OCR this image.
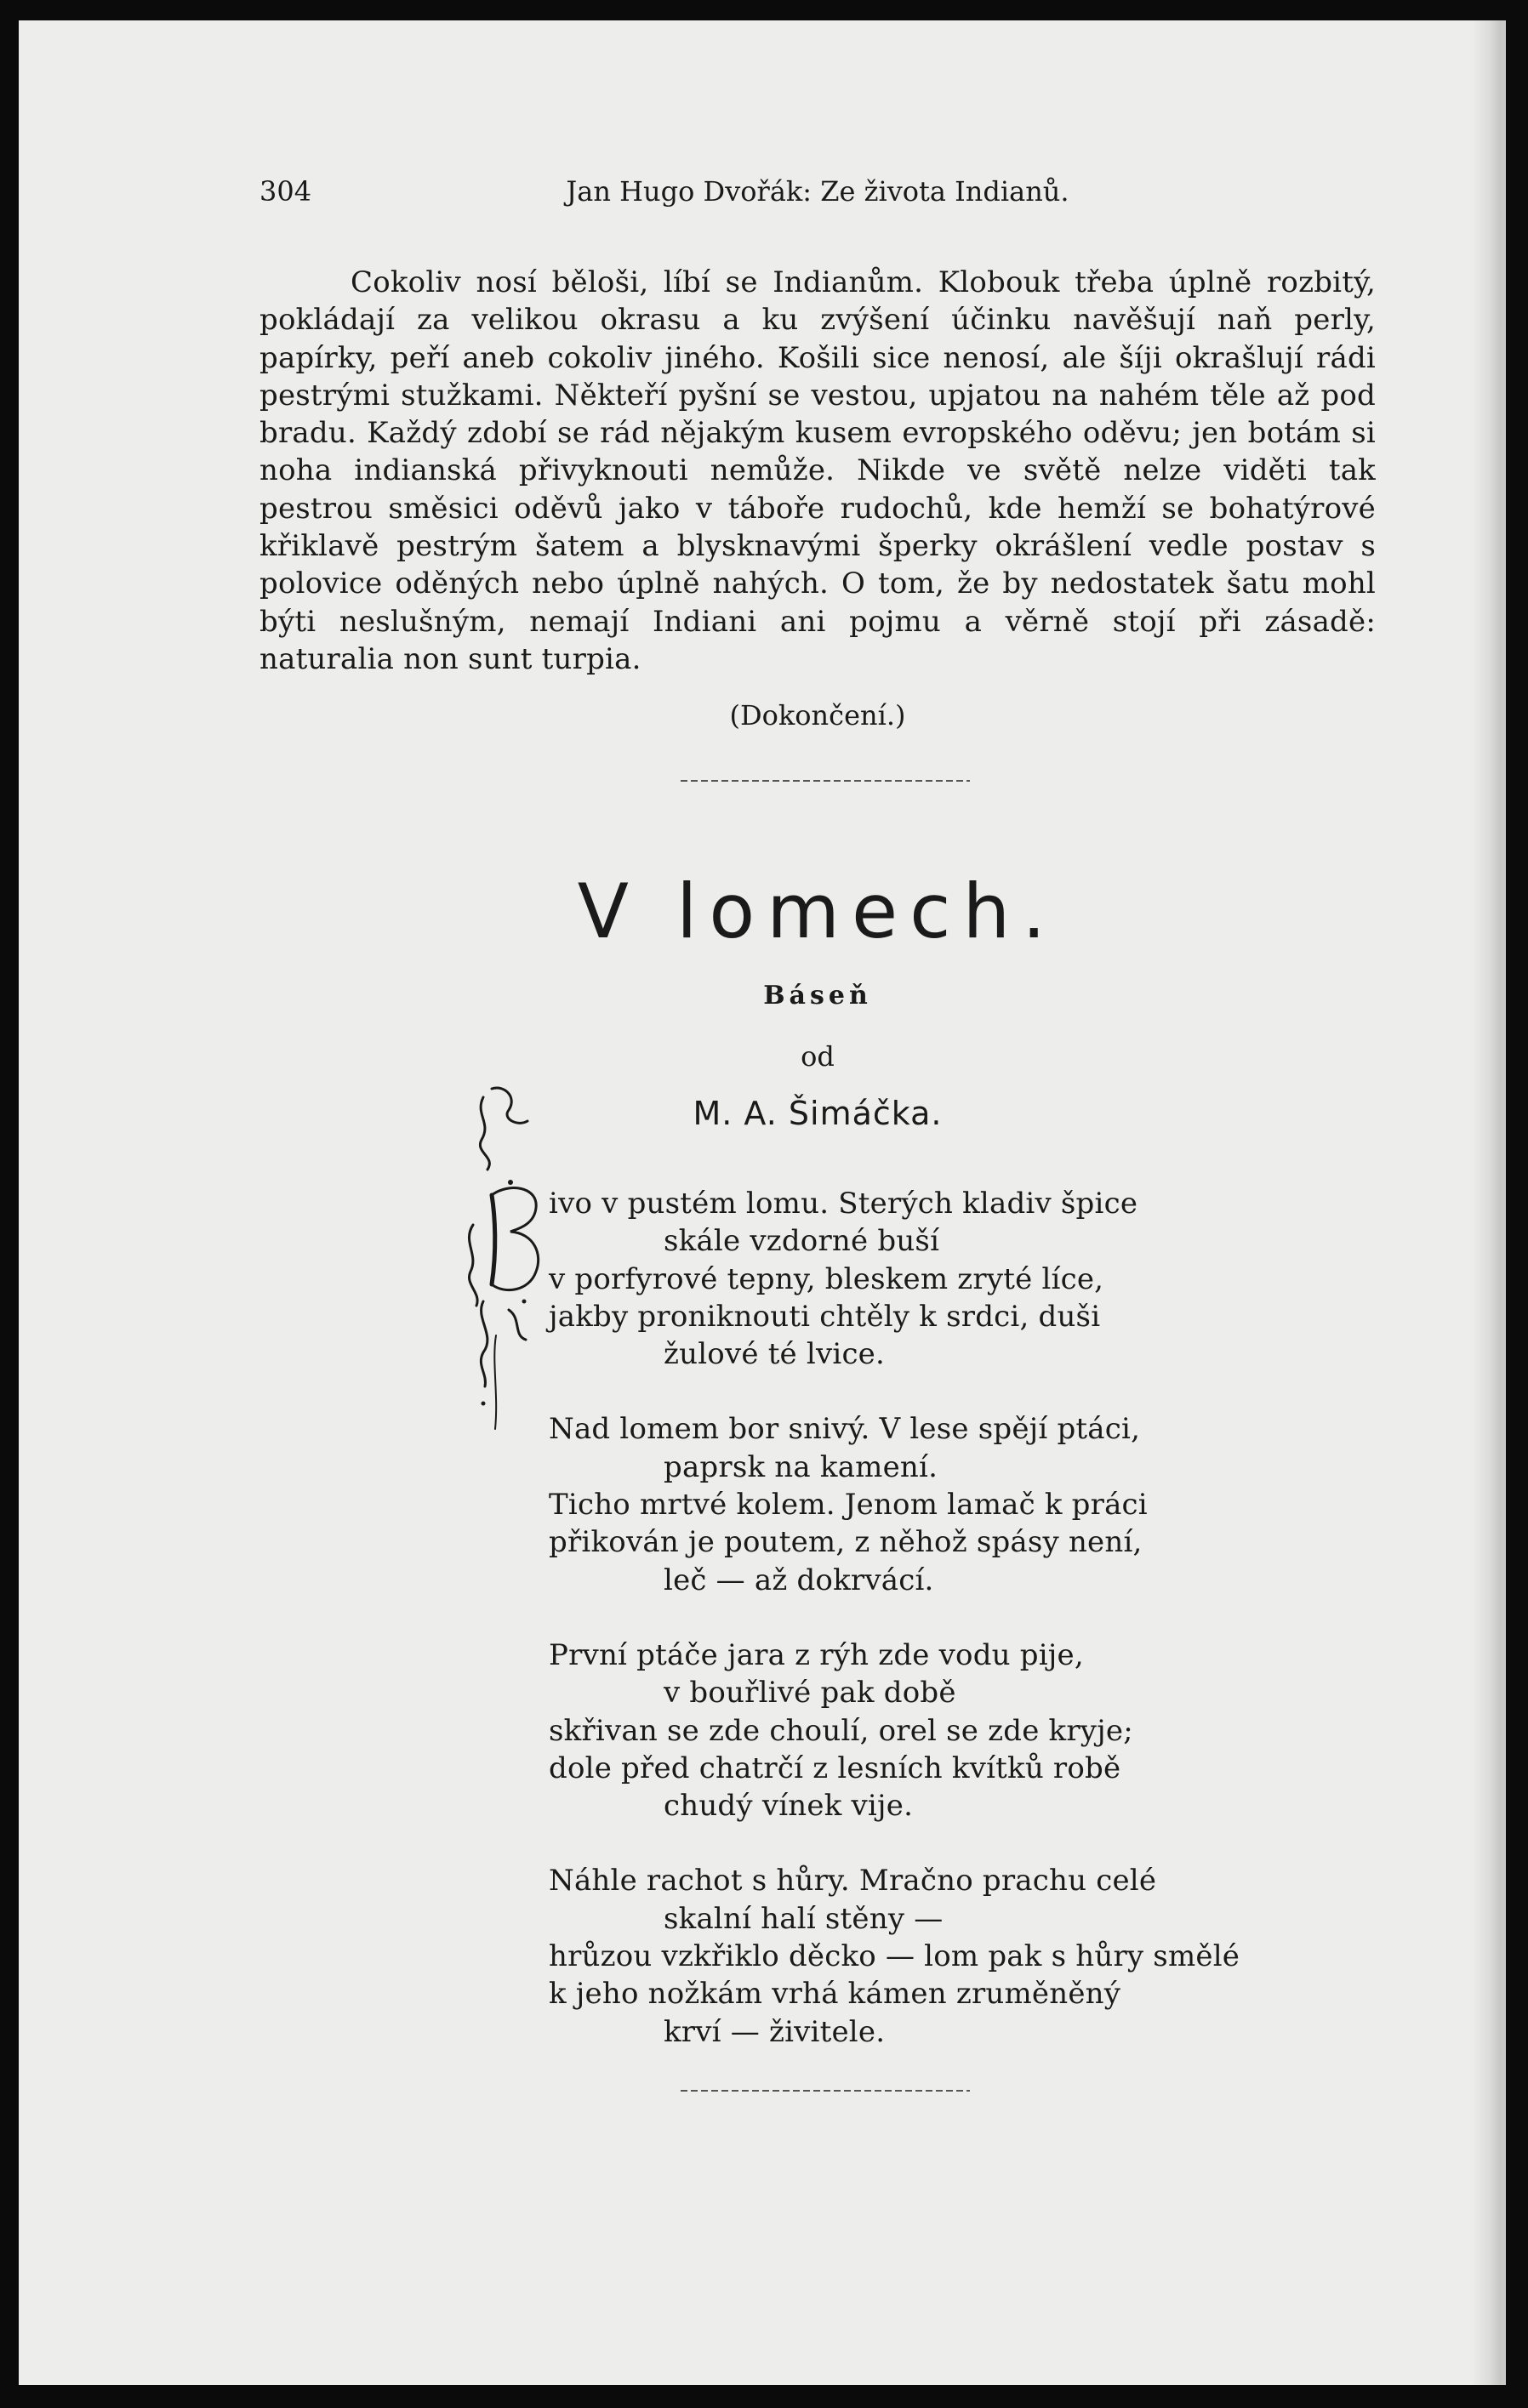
304	Jan Hugo Dvořák: Ze života Indianů.

Cokoliv nosí běloši, líbí se Indianům. Klobouk třeba úplně rozbitý, pokládají za velikou okrasu a ku zvýšení účinku navěšují naň perly, papírky, peří aneb cokoliv jiného. Košili sice nenosí, ale šíji okrašlují rádi pestrými stužkami. Někteří pyšní se vestou, upjatou na nahém těle až pod bradu. Každý zdobí se rád nějakým kusem evropského oděvu; jen botám si noha indianská přivyknouti nemůže. Nikde ve světě nelze viděti tak pestrou směsici oděvů jako v táboře rudochů, kde hemží se bohatýrové křiklavě pestrým šatem a blysknavými šperky okrášlení vedle postav s polovice oděných nebo úplně nahých. O tom, že by nedostatek šatu mohl býti neslušným, nemají Indiani ani pojmu a věrně stojí při zásadě: naturalia non sunt turpia.

(Dokončení.)
V lomech.
Báseň
od
M. A. Šimáčka.
ivo v pustém lomu. Sterých kladiv špice
skále vzdorné buší
v porfyrové tepny, bleskem zryté líce,
jakby proniknouti chtěly k srdci, duši
žulové té lvice.
Nad lomem bor snivý. V lese spějí ptáci,
paprsk na kamení.
Ticho mrtvé kolem. Jenom lamač k práci
přikován je poutem, z něhož spásy není,
leč — až dokrvácí.
První ptáče jara z rýh zde vodu pije,
v bouřlivé pak době
skřivan se zde choulí, orel se zde kryje;
dole před chatrčí z lesních kvítků robě
chudý vínek vije.
Náhle rachot s hůry. Mračno prachu celé
skalní halí stěny —
hrůzou vzkřiklo děcko — lom pak s hůry smělé
k jeho nožkám vrhá kámen zruměněný
krví — živitele.
